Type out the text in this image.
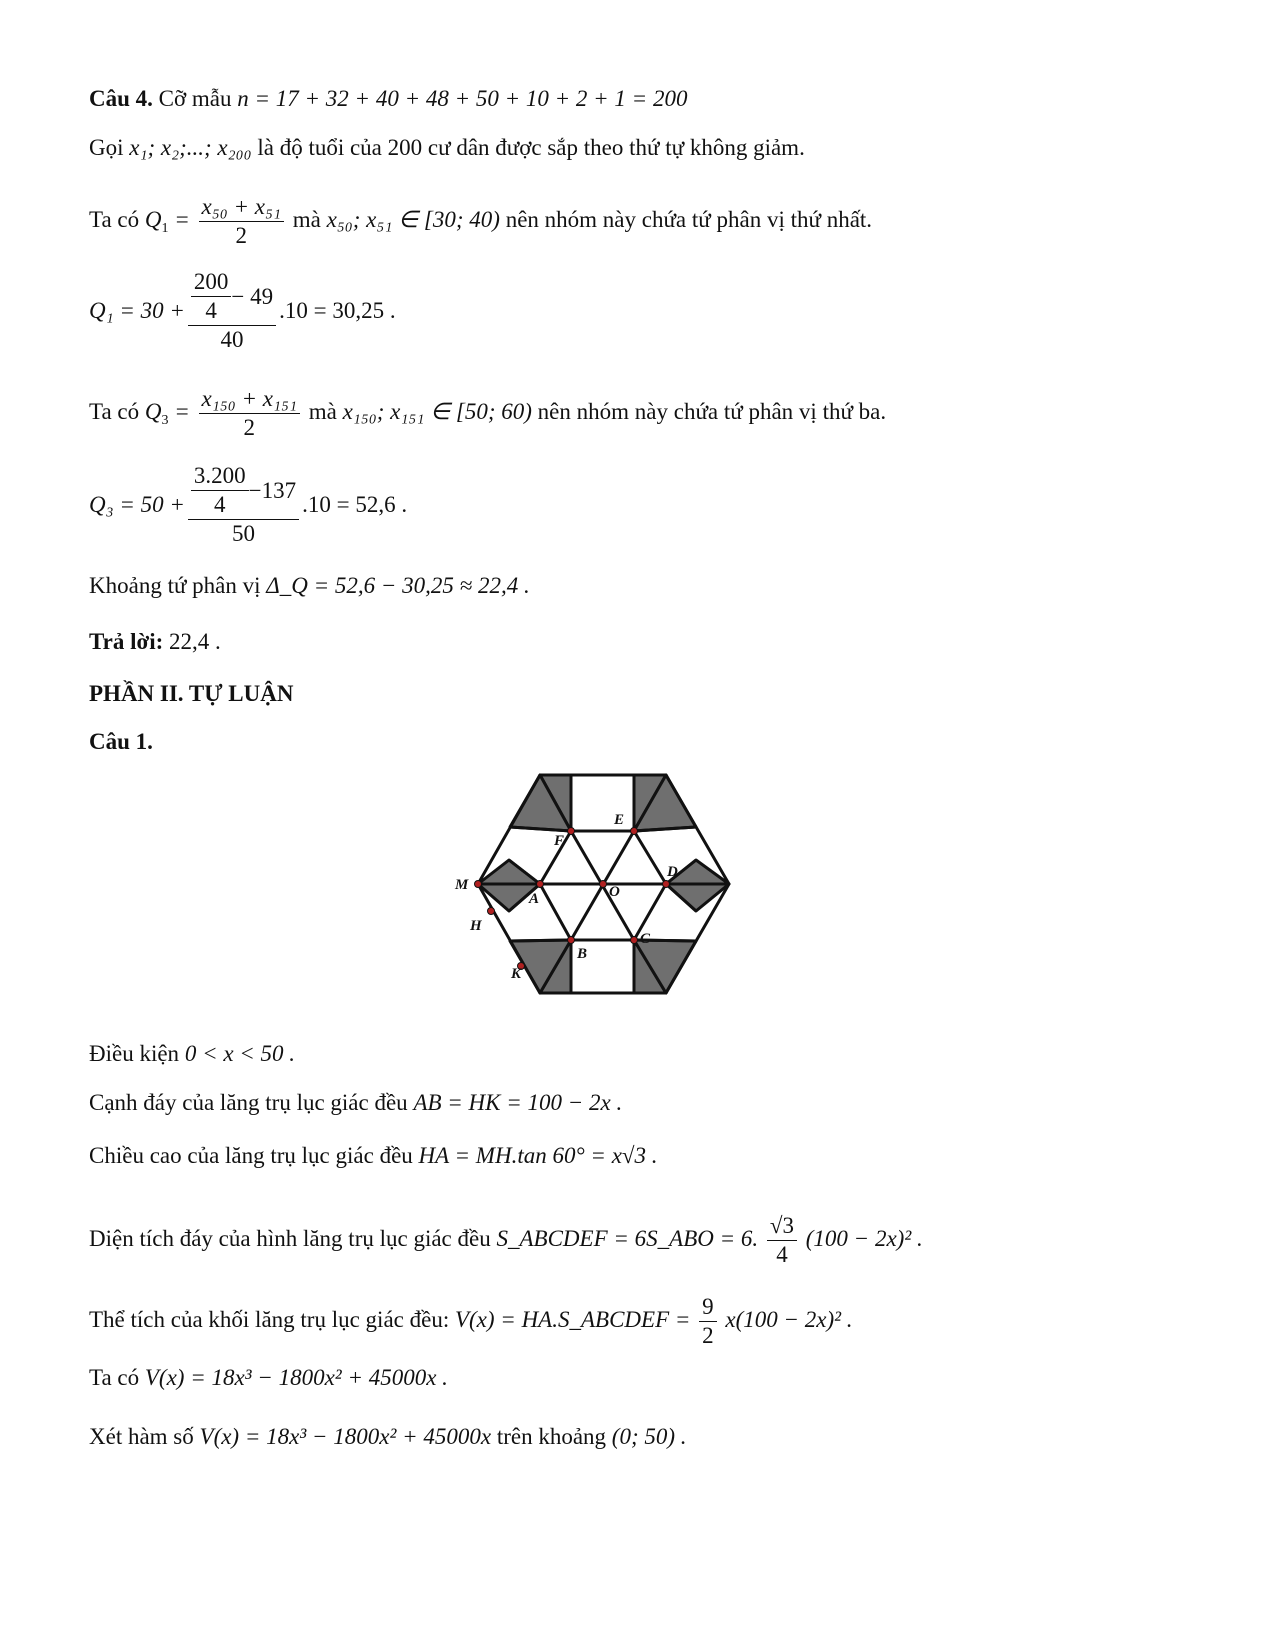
Câu 4. Cỡ mẫu n = 17 + 32 + 40 + 48 + 50 + 10 + 2 + 1 = 200
Gọi x₁; x₂;...; x₂₀₀ là độ tuổi của 200 cư dân được sắp theo thứ tự không giảm.
Ta có $Q_1 = \frac{\text{x₅₀ + x₅₁}}{2}$ mà x₅₀; x₅₁ ∈ [30; 40) nên nhóm này chứa tứ phân vị thứ nhất.
$Q_1 = 30 + \frac{\frac{200}{4} - 49}{40} .10 = 30,25$ .
Ta có $Q_3 = \frac{\text{x₁₅₀ + x₁₅₁}}{2}$ mà x₁₅₀; x₁₅₁ ∈ [50; 60) nên nhóm này chứa tứ phân vị thứ ba.
$Q_3 = 50 + \frac{\frac{3.200}{4} -137}{50} .10 = 52,6$ .
Khoảng tứ phân vị Δ_Q = 52,6 − 30,25 ≈ 22,4 .
Trả lời: 22,4 .
PHẦN II. TỰ LUẬN
Câu 1.
M
H
K
A
B
C
D
E
F
O
Điều kiện 0 < x < 50 .
Cạnh đáy của lăng trụ lục giác đều AB = HK = 100 − 2x .
Chiều cao của lăng trụ lục giác đều HA = MH.tan 60° = x√3 .
Diện tích đáy của hình lăng trụ lục giác đều S_ABCDEF = 6S_ABO = 6. $\frac{√3}{4} (100 - 2x)^2$ .
Thể tích của khối lăng trụ lục giác đều: V(x) = HA.S_ABCDEF = $\frac{9}{2} x(100 - 2x)^2$ .
Ta có V(x) = 18x³ − 1800x² + 45000x .
Xét hàm số V(x) = 18x³ − 1800x² + 45000x trên khoảng (0; 50) .
